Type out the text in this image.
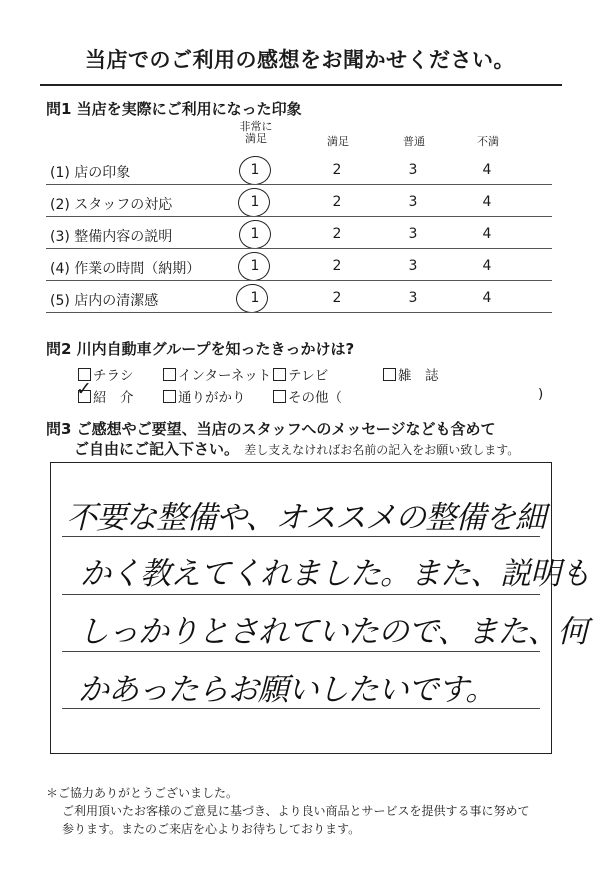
当店でのご利用の感想をお聞かせください。
問1 当店を実際にご利用になった印象
非常に
満足	満足	普通	不満
(1) 店の印象	1	2	3	4
(2) スタッフの対応	1	2	3	4
(3) 整備内容の説明	1	2	3	4
(4) 作業の時間（納期）	1	2	3	4
(5) 店内の清潔感	1	2	3	4
問2 川内自動車グループを知ったきっかけは?
チラシ	インターネット テレビ	雑　誌
紹　介
✓	通りがかり	その他（	)
問3 ご感想やご要望、当店のスタッフへのメッセージなども含めて
ご自由にご記入下さい。 差し支えなければお名前の記入をお願い致します。
不要な整備や、オススメの整備を細
かく教えてくれました。また、説明も
しっかりとされていたので、また、何
かあったらお願いしたいです。
＊ご協力ありがとうございました。
ご利用頂いたお客様のご意見に基づき、より良い商品とサービスを提供する事に努めて
参ります。またのご来店を心よりお待ちしております。
